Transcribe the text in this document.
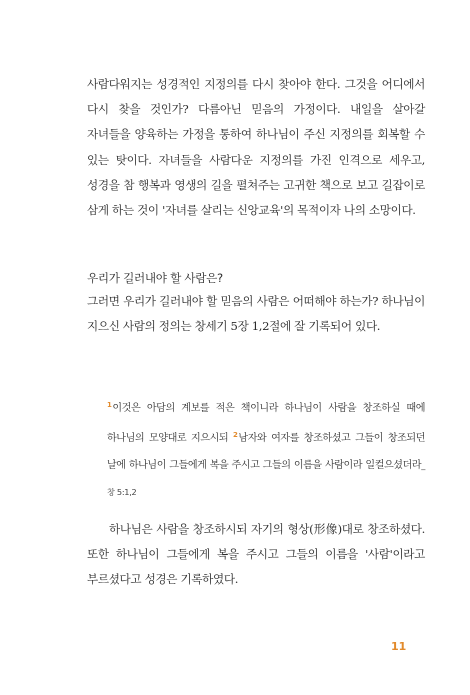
사람다워지는 성경적인 지정의를 다시 찾아야 한다. 그것을 어디에서 다시 찾을 것인가? 다름아닌 믿음의 가정이다. 내일을 살아갈 자녀들을 양육하는 가정을 통하여 하나님이 주신 지정의를 회복할 수 있는 탓이다. 자녀들을 사람다운 지정의를 가진 인격으로 세우고, 성경을 참 행복과 영생의 길을 펼쳐주는 고귀한 책으로 보고 길잡이로 삼게 하는 것이 '자녀를 살리는 신앙교육'의 목적이자 나의 소망이다.

우리가 길러내야 할 사람은?

그러면 우리가 길러내야 할 믿음의 사람은 어떠해야 하는가? 하나님이 지으신 사람의 정의는 창세기 5장 1,2절에 잘 기록되어 있다.

$^1$이것은 아담의 계보를 적은 책이니라 하나님이 사람을 창조하실 때에 하나님의 모양대로 지으시되 $^2$남자와 여자를 창조하셨고 그들이 창조되던 날에 하나님이 그들에게 복을 주시고 그들의 이름을 사람이라 일컬으셨더라_창 5:1,2

하나님은 사람을 창조하시되 자기의 형상(形像)대로 창조하셨다. 또한 하나님이 그들에게 복을 주시고 그들의 이름을 '사람'이라고 부르셨다고 성경은 기록하였다.

11
